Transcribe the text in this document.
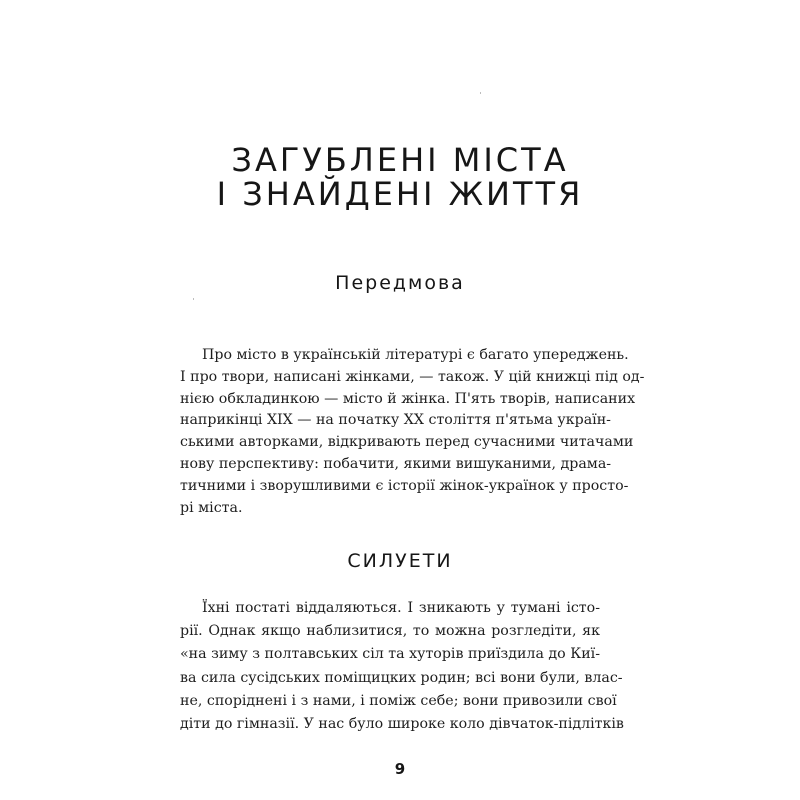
ЗАГУБЛЕНІ МІСТА
І ЗНАЙДЕНІ ЖИТТЯ
Передмова
Про місто в українській літературі є багато упереджень.
І про твори, написані жінками, — також. У цій книжці під од-
нією обкладинкою — місто й жінка. П'ять творів, написаних
наприкінці XIX — на початку XX століття п'ятьма україн-
ськими авторками, відкривають перед сучасними читачами
нову перспективу: побачити, якими вишуканими, драма-
тичними і зворушливими є історії жінок-українок у просто-
рі міста.
СИЛУЕТИ
Їхні постаті віддаляються. І зникають у тумані істо-
рії. Однак якщо наблизитися, то можна розгледіти, як
«на зиму з полтавських сіл та хуторів приїздила до Киї-
ва сила сусідських поміщицких родин; всі вони були, влас-
не, споріднені і з нами, і поміж себе; вони привозили свої
діти до гімназії. У нас було широке коло дівчаток-підлітків
9
